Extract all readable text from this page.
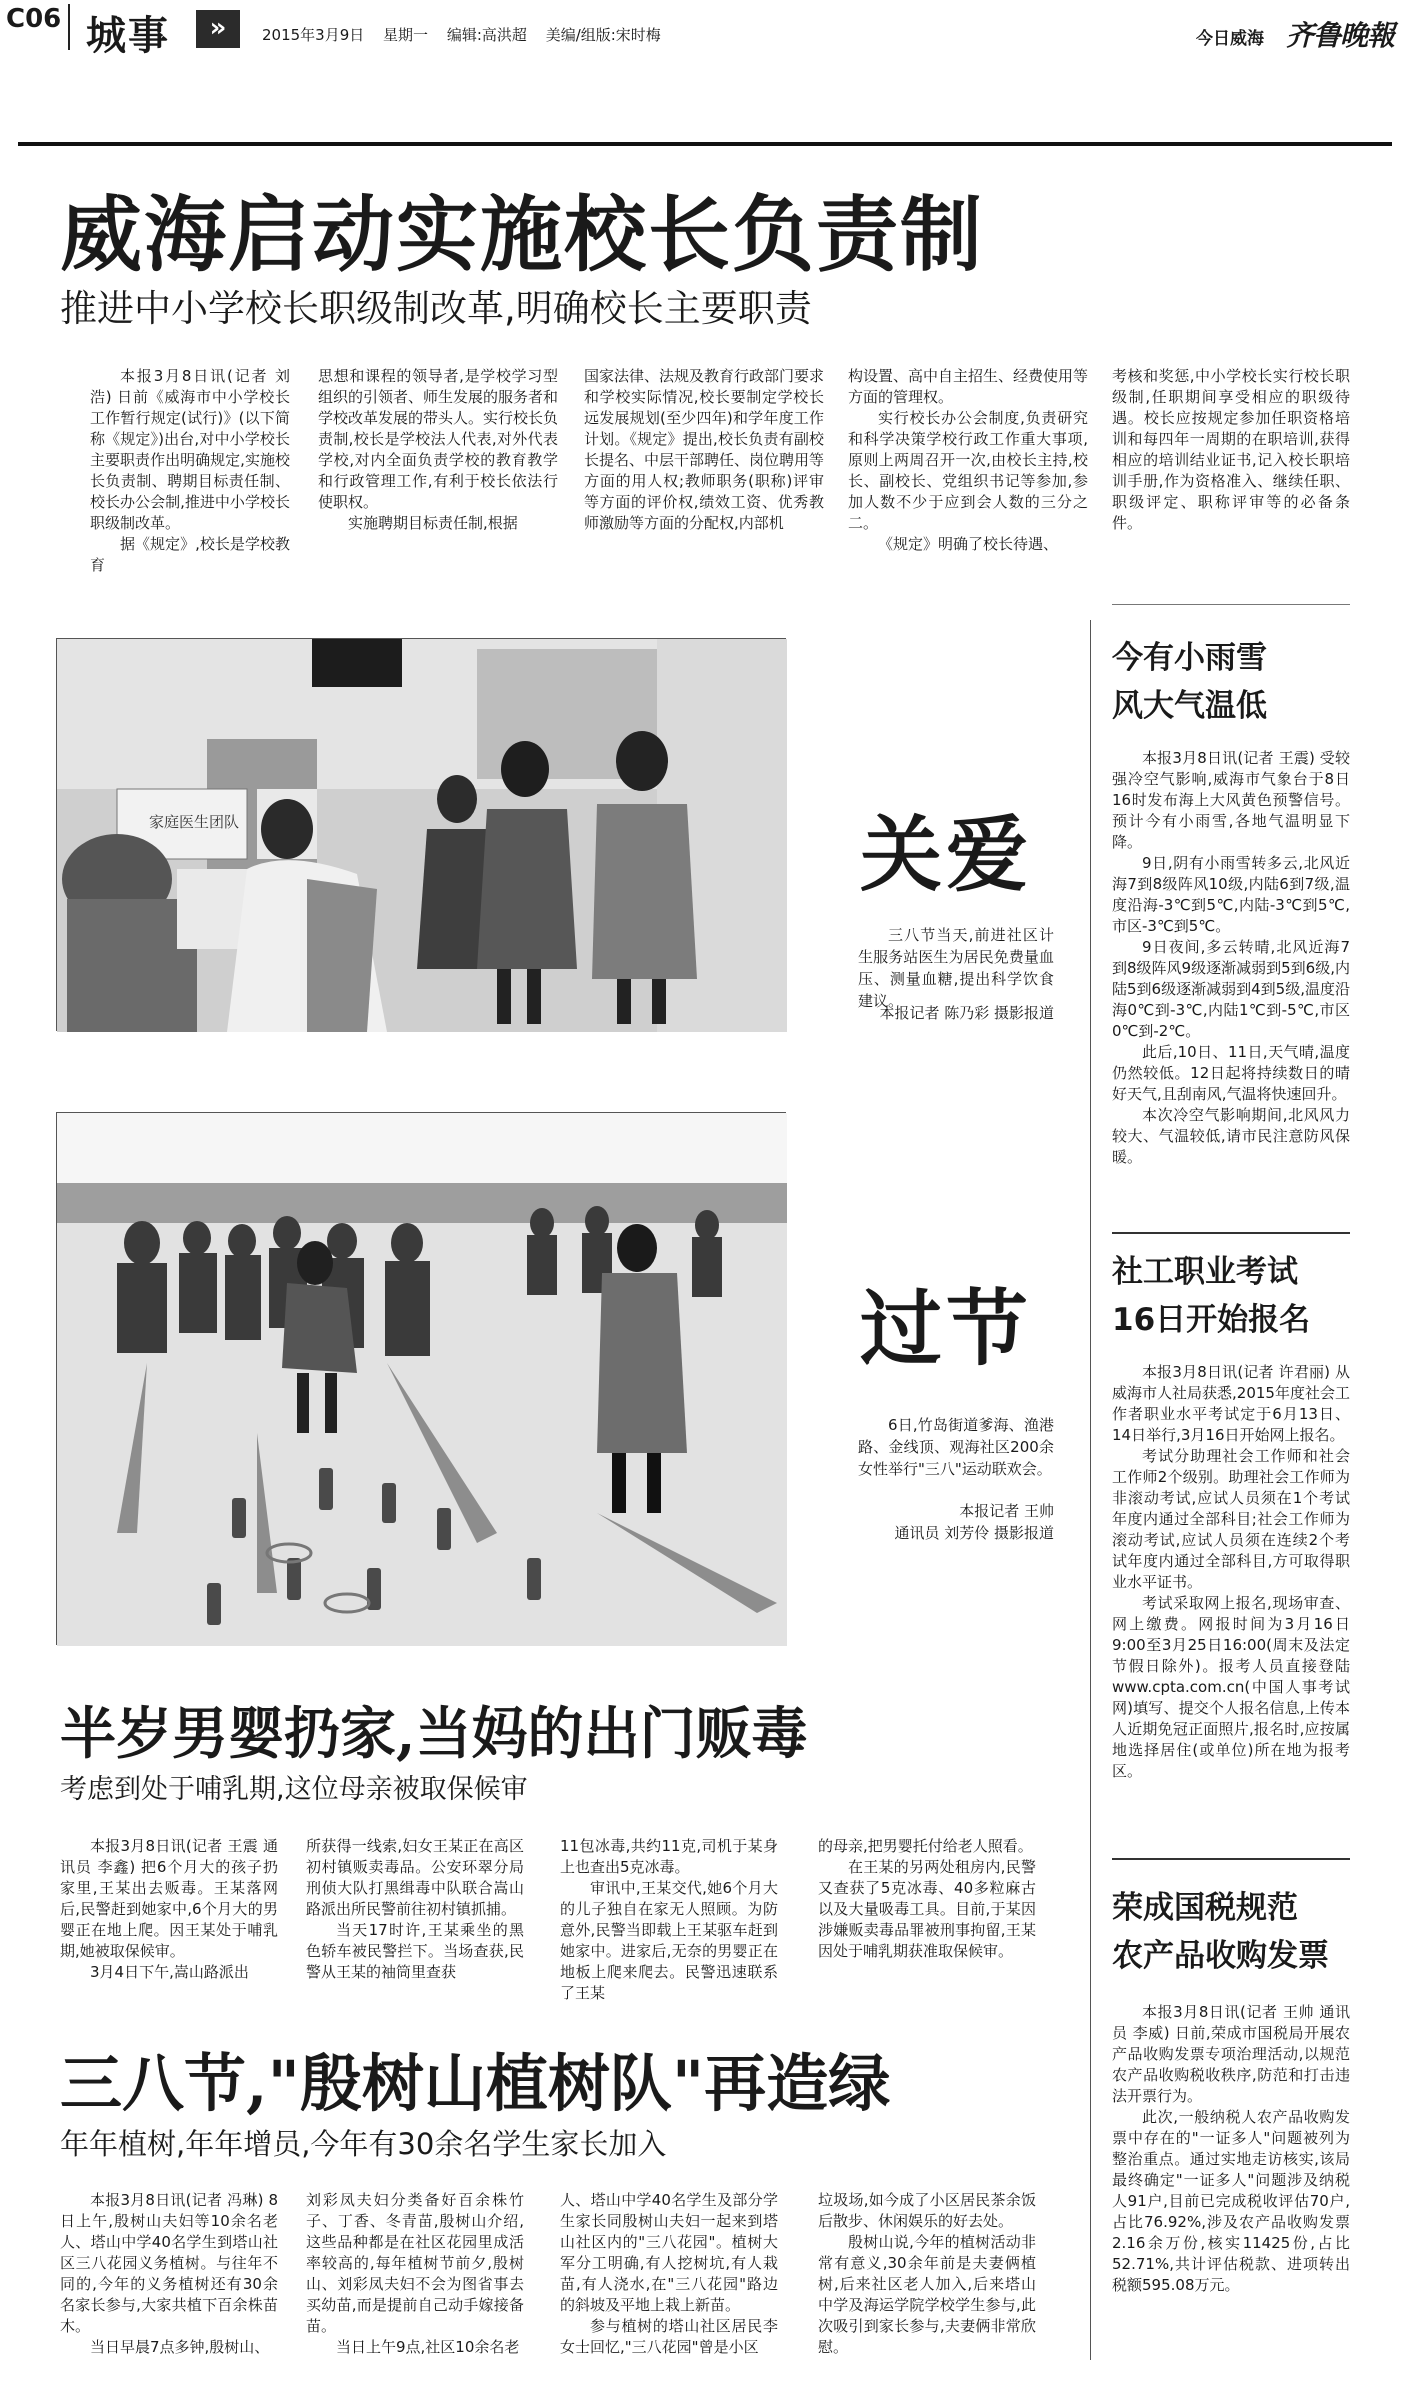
C06 城事	»	2015年3月9日 星期一 编辑:高洪超 美编/组版:宋时梅	今日威海 齐鲁晚報
威海启动实施校长负责制
推进中小学校长职级制改革,明确校长主要职责

本报3月8日讯(记者 刘浩) 日前《威海市中小学校长工作暂行规定(试行)》(以下简称《规定》)出台,对中小学校长主要职责作出明确规定,实施校长负责制、聘期目标责任制、校长办公会制,推进中小学校长职级制改革。

据《规定》,校长是学校教育

思想和课程的领导者,是学校学习型组织的引领者、师生发展的服务者和学校改革发展的带头人。实行校长负责制,校长是学校法人代表,对外代表学校,对内全面负责学校的教育教学和行政管理工作,有利于校长依法行使职权。

实施聘期目标责任制,根据

国家法律、法规及教育行政部门要求和学校实际情况,校长要制定学校长远发展规划(至少四年)和学年度工作计划。《规定》提出,校长负责有副校长提名、中层干部聘任、岗位聘用等方面的用人权;教师职务(职称)评审等方面的评价权,绩效工资、优秀教师激励等方面的分配权,内部机

构设置、高中自主招生、经费使用等方面的管理权。

实行校长办公会制度,负责研究和科学决策学校行政工作重大事项,原则上两周召开一次,由校长主持,校长、副校长、党组织书记等参加,参加人数不少于应到会人数的三分之二。

《规定》明确了校长待遇、

考核和奖惩,中小学校长实行校长职级制,任职期间享受相应的职级待遇。校长应按规定参加任职资格培训和每四年一周期的在职培训,获得相应的培训结业证书,记入校长职培训手册,作为资格准入、继续任职、职级评定、职称评审等的必备条件。

家庭医生团队	关爱

三八节当天,前进社区计生服务站医生为居民免费量血压、测量血糖,提出科学饮食建议。

本报记者 陈乃彩 摄影报道
过节

6日,竹岛街道爹海、渔港路、金线顶、观海社区200余女性举行"三八"运动联欢会。

本报记者 王帅
通讯员 刘芳伶 摄影报道
今有小雨雪
风大气温低

本报3月8日讯(记者 王震) 受较强冷空气影响,威海市气象台于8日16时发布海上大风黄色预警信号。预计今有小雨雪,各地气温明显下降。

9日,阴有小雨雪转多云,北风近海7到8级阵风10级,内陆6到7级,温度沿海-3℃到5℃,内陆-3℃到5℃,市区-3℃到5℃。

9日夜间,多云转晴,北风近海7到8级阵风9级逐渐减弱到5到6级,内陆5到6级逐渐减弱到4到5级,温度沿海0℃到-3℃,内陆1℃到-5℃,市区0℃到-2℃。

此后,10日、11日,天气晴,温度仍然较低。12日起将持续数日的晴好天气,且刮南风,气温将快速回升。

本次冷空气影响期间,北风风力较大、气温较低,请市民注意防风保暖。

社工职业考试
16日开始报名

本报3月8日讯(记者 许君丽) 从威海市人社局获悉,2015年度社会工作者职业水平考试定于6月13日、14日举行,3月16日开始网上报名。

考试分助理社会工作师和社会工作师2个级别。助理社会工作师为非滚动考试,应试人员须在1个考试年度内通过全部科目;社会工作师为滚动考试,应试人员须在连续2个考试年度内通过全部科目,方可取得职业水平证书。

考试采取网上报名,现场审查、网上缴费。网报时间为3月16日9:00至3月25日16:00(周末及法定节假日除外)。报考人员直接登陆www.cpta.com.cn(中国人事考试网)填写、提交个人报名信息,上传本人近期免冠正面照片,报名时,应按属地选择居住(或单位)所在地为报考区。

荣成国税规范
农产品收购发票

本报3月8日讯(记者 王帅 通讯员 李威) 日前,荣成市国税局开展农产品收购发票专项治理活动,以规范农产品收购税收秩序,防范和打击违法开票行为。

此次,一般纳税人农产品收购发票中存在的"一证多人"问题被列为整治重点。通过实地走访核实,该局最终确定"一证多人"问题涉及纳税人91户,目前已完成税收评估70户,占比76.92%,涉及农产品收购发票2.16余万份,核实11425份,占比52.71%,共计评估税款、进项转出税额595.08万元。

半岁男婴扔家,当妈的出门贩毒
考虑到处于哺乳期,这位母亲被取保候审

本报3月8日讯(记者 王震 通讯员 李鑫) 把6个月大的孩子扔家里,王某出去贩毒。王某落网后,民警赶到她家中,6个月大的男婴正在地上爬。因王某处于哺乳期,她被取保候审。

3月4日下午,嵩山路派出

所获得一线索,妇女王某正在高区初村镇贩卖毒品。公安环翠分局刑侦大队打黑缉毒中队联合嵩山路派出所民警前往初村镇抓捕。

当天17时许,王某乘坐的黑色轿车被民警拦下。当场查获,民警从王某的袖筒里查获

11包冰毒,共约11克,司机于某身上也查出5克冰毒。

审讯中,王某交代,她6个月大的儿子独自在家无人照顾。为防意外,民警当即载上王某驱车赶到她家中。进家后,无奈的男婴正在地板上爬来爬去。民警迅速联系了王某

的母亲,把男婴托付给老人照看。

在王某的另两处租房内,民警又查获了5克冰毒、40多粒麻古以及大量吸毒工具。目前,于某因涉嫌贩卖毒品罪被刑事拘留,王某因处于哺乳期获准取保候审。

三八节,"殷树山植树队"再造绿
年年植树,年年增员,今年有30余名学生家长加入

本报3月8日讯(记者 冯琳) 8日上午,殷树山夫妇等10余名老人、塔山中学40名学生到塔山社区三八花园义务植树。与往年不同的,今年的义务植树还有30余名家长参与,大家共植下百余株苗木。

当日早晨7点多钟,殷树山、

刘彩凤夫妇分类备好百余株竹子、丁香、冬青苗,殷树山介绍,这些品种都是在社区花园里成活率较高的,每年植树节前夕,殷树山、刘彩凤夫妇不会为图省事去买幼苗,而是提前自己动手嫁接备苗。

当日上午9点,社区10余名老

人、塔山中学40名学生及部分学生家长同殷树山夫妇一起来到塔山社区内的"三八花园"。植树大军分工明确,有人挖树坑,有人栽苗,有人浇水,在"三八花园"路边的斜坡及平地上栽上新苗。

参与植树的塔山社区居民李女士回忆,"三八花园"曾是小区

垃圾场,如今成了小区居民茶余饭后散步、休闲娱乐的好去处。

殷树山说,今年的植树活动非常有意义,30余年前是夫妻俩植树,后来社区老人加入,后来塔山中学及海运学院学校学生参与,此次吸引到家长参与,夫妻俩非常欣慰。
